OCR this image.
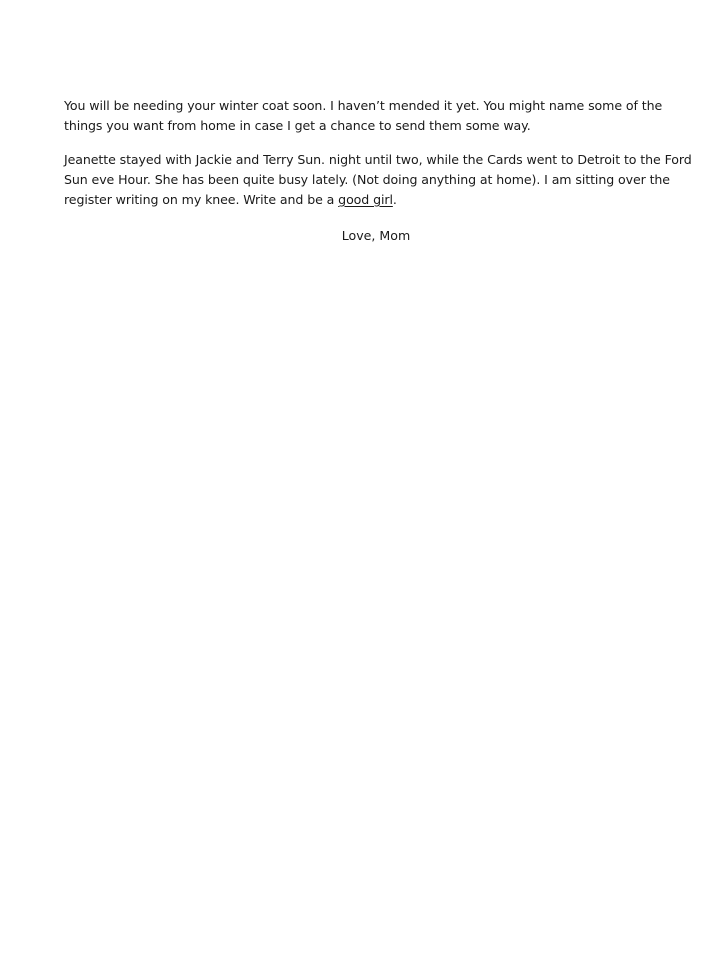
You will be needing your winter coat soon. I haven’t mended it yet. You might name some of the things you want from home in case I get a chance to send them some way.

Jeanette stayed with Jackie and Terry Sun. night until two, while the Cards went to Detroit to the Ford Sun eve Hour. She has been quite busy lately. (Not doing anything at home). I am sitting over the register writing on my knee. Write and be a good girl.

Love, Mom
